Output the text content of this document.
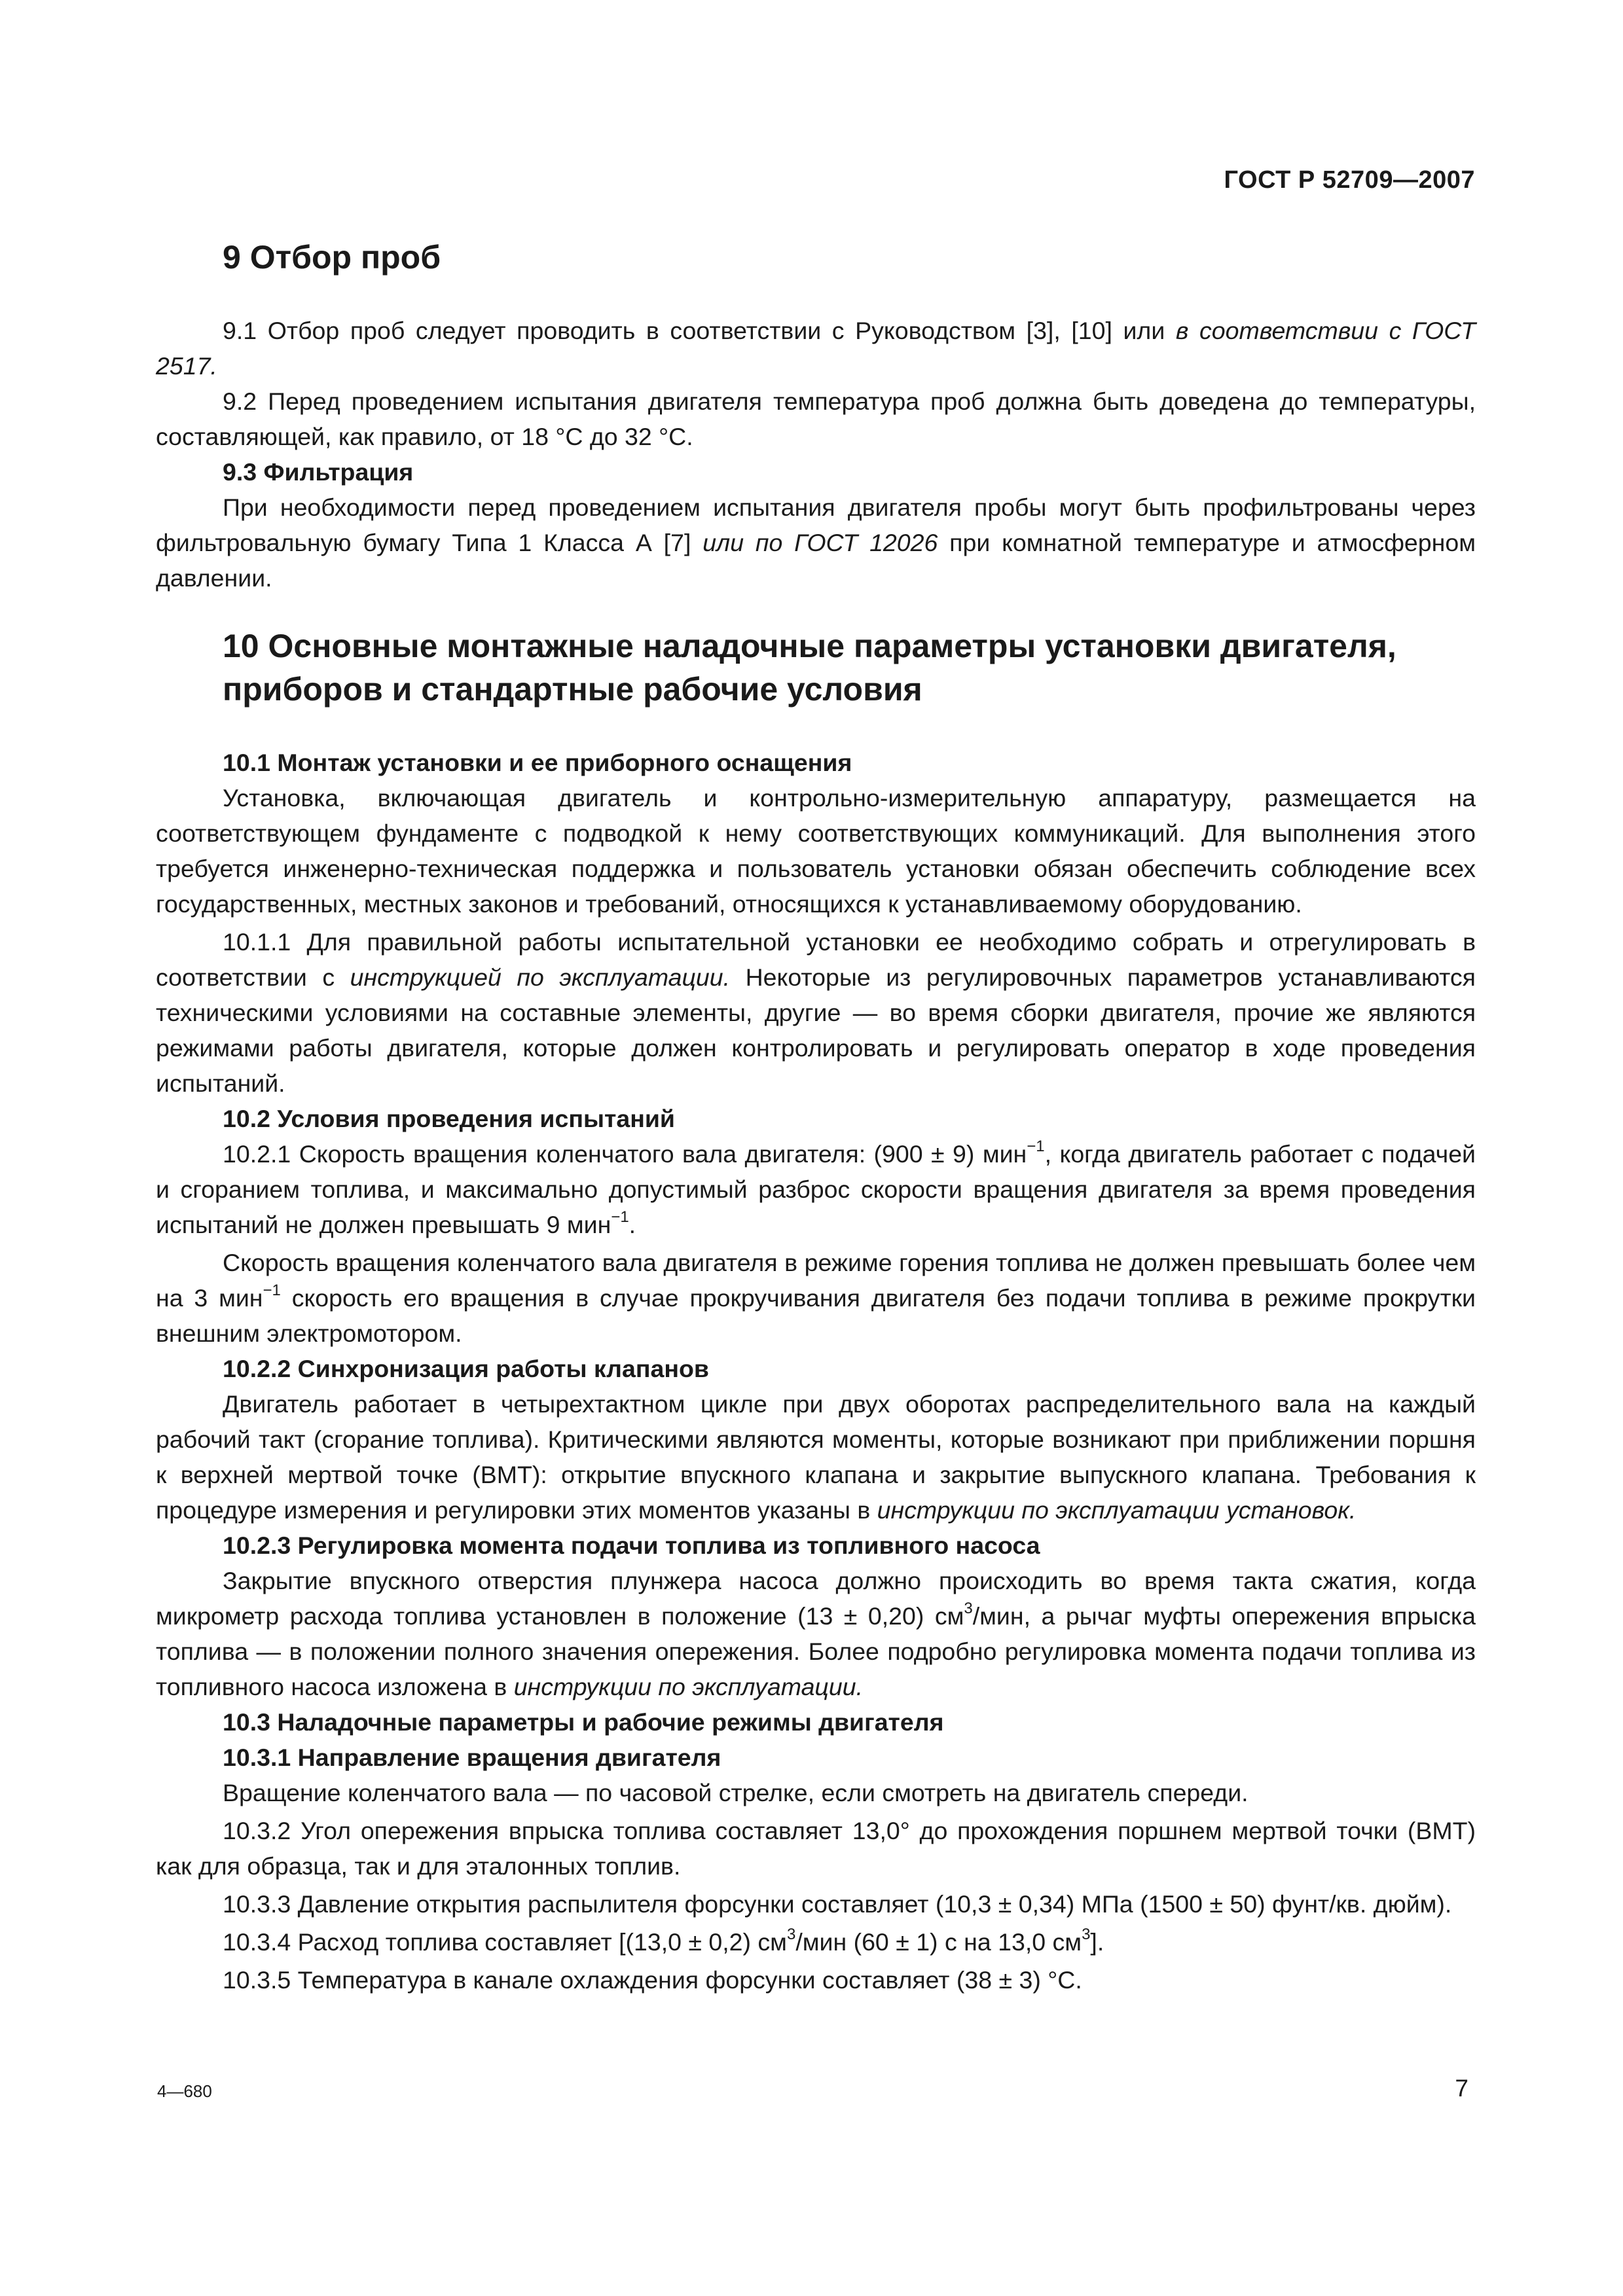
ГОСТ Р 52709—2007
9 Отбор проб

9.1 Отбор проб следует проводить в соответствии с Руководством [3], [10] или в соответствии с ГОСТ 2517.

9.2 Перед проведением испытания двигателя температура проб должна быть доведена до температуры, составляющей, как правило, от 18 °С до 32 °С.

9.3 Фильтрация

При необходимости перед проведением испытания двигателя пробы могут быть профильтрованы через фильтровальную бумагу Типа 1 Класса А [7] или по ГОСТ 12026 при комнатной температуре и атмосферном давлении.

10 Основные монтажные наладочные параметры установки двигателя, приборов и стандартные рабочие условия

10.1 Монтаж установки и ее приборного оснащения

Установка, включающая двигатель и контрольно-измерительную аппаратуру, размещается на соответствующем фундаменте с подводкой к нему соответствующих коммуникаций. Для выполнения этого требуется инженерно-техническая поддержка и пользователь установки обязан обеспечить соблюдение всех государственных, местных законов и требований, относящихся к устанавливаемому оборудованию.

10.1.1 Для правильной работы испытательной установки ее необходимо собрать и отрегулировать в соответствии с инструкцией по эксплуатации. Некоторые из регулировочных параметров устанавливаются техническими условиями на составные элементы, другие — во время сборки двигателя, прочие же являются режимами работы двигателя, которые должен контролировать и регулировать оператор в ходе проведения испытаний.

10.2 Условия проведения испытаний

10.2.1 Скорость вращения коленчатого вала двигателя: (900 ± 9) мин$^{-1}$, когда двигатель работает с подачей и сгоранием топлива, и максимально допустимый разброс скорости вращения двигателя за время проведения испытаний не должен превышать 9 мин$^{-1}$.

Скорость вращения коленчатого вала двигателя в режиме горения топлива не должен превышать более чем на 3 мин$^{-1}$ скорость его вращения в случае прокручивания двигателя без подачи топлива в режиме прокрутки внешним электромотором.

10.2.2 Синхронизация работы клапанов

Двигатель работает в четырехтактном цикле при двух оборотах распределительного вала на каждый рабочий такт (сгорание топлива). Критическими являются моменты, которые возникают при приближении поршня к верхней мертвой точке (ВМТ): открытие впускного клапана и закрытие выпускного клапана. Требования к процедуре измерения и регулировки этих моментов указаны в инструкции по эксплуатации установок.

10.2.3 Регулировка момента подачи топлива из топливного насоса

Закрытие впускного отверстия плунжера насоса должно происходить во время такта сжатия, когда микрометр расхода топлива установлен в положение (13 ± 0,20) $см^3$/мин, а рычаг муфты опережения впрыска топлива — в положении полного значения опережения. Более подробно регулировка момента подачи топлива из топливного насоса изложена в инструкции по эксплуатации.

10.3 Наладочные параметры и рабочие режимы двигателя

10.3.1 Направление вращения двигателя

Вращение коленчатого вала — по часовой стрелке, если смотреть на двигатель спереди.

10.3.2 Угол опережения впрыска топлива составляет 13,0° до прохождения поршнем мертвой точки (ВМТ) как для образца, так и для эталонных топлив.

10.3.3 Давление открытия распылителя форсунки составляет (10,3 ± 0,34) МПа (1500 ± 50) фунт/кв. дюйм).

10.3.4 Расход топлива составляет [(13,0 ± 0,2) $см^3$/мин (60 ± 1) с на 13,0 $см^3$].

10.3.5 Температура в канале охлаждения форсунки составляет (38 ± 3) °С.

4—680	7
